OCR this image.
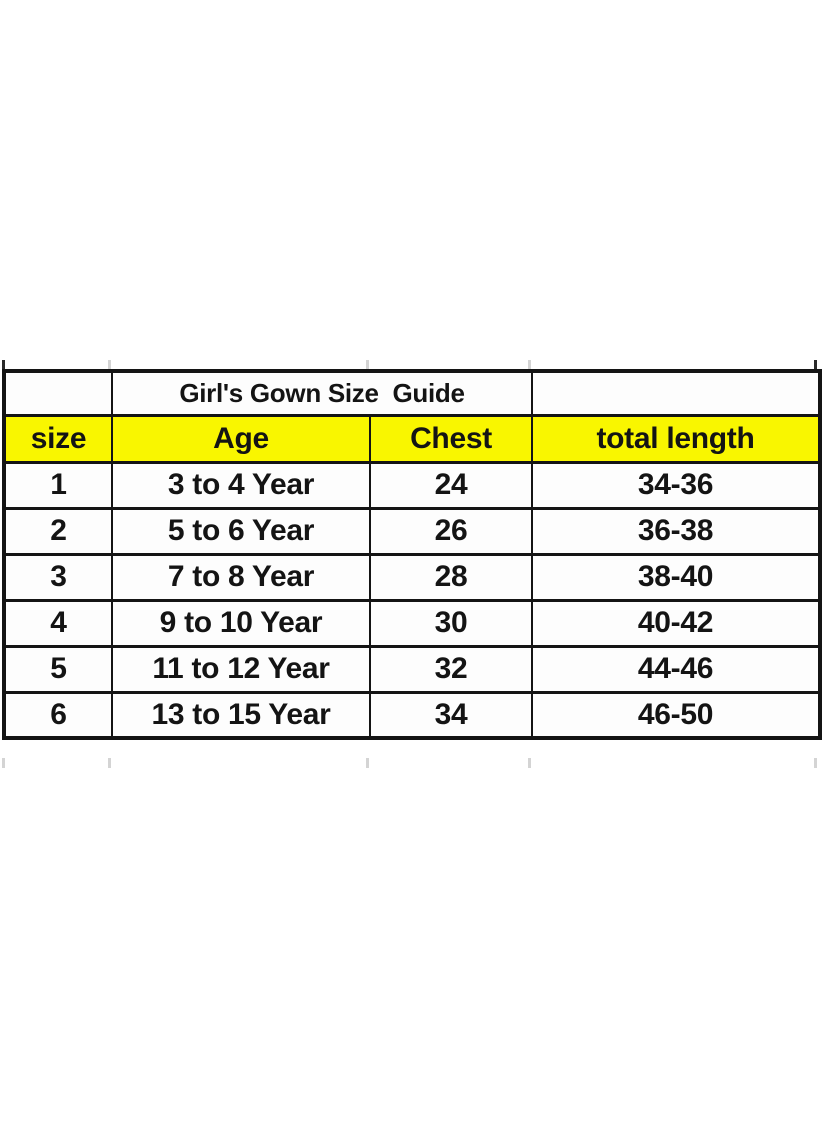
	Girl's Gown Size  Guide		
size	Age	Chest	total length
1	3 to 4 Year	24	34-36
2	5 to 6 Year	26	36-38
3	7 to 8 Year	28	38-40
4	9 to 10 Year	30	40-42
5	11 to 12 Year	32	44-46
6	13 to 15 Year	34	46-50
